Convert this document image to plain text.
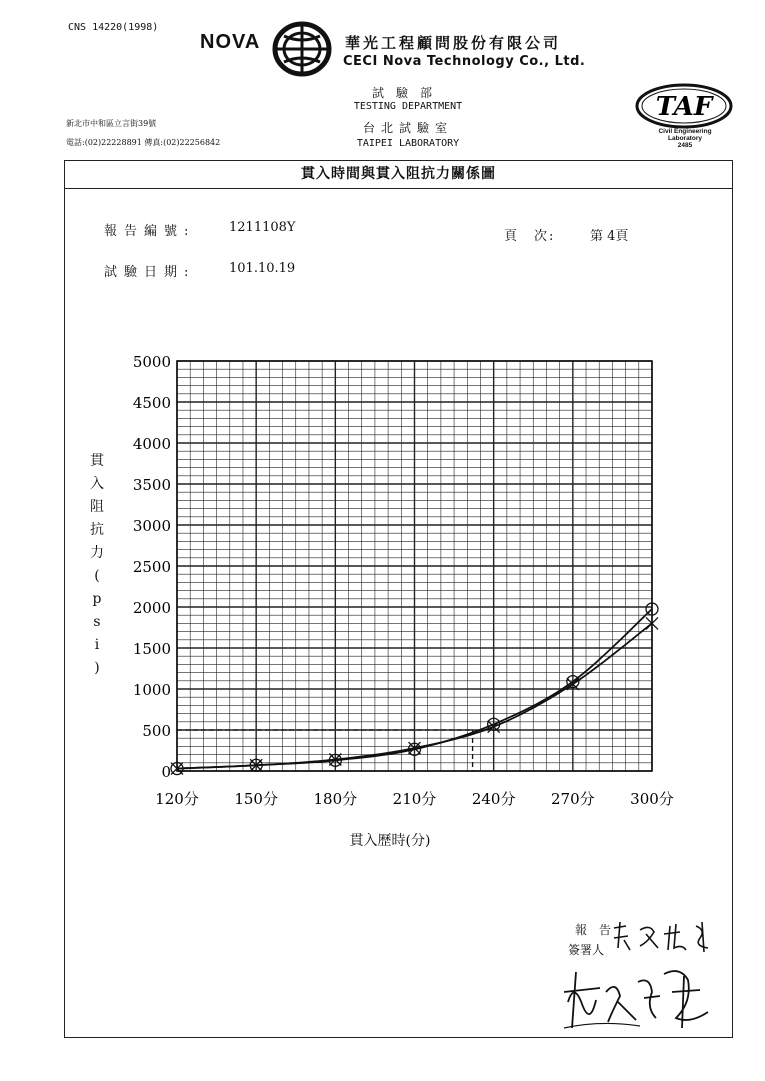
CNS 14220(1998)
NOVA	華光工程顧問股份有限公司
CECI Nova Technology Co., Ltd.
試驗部
TESTING DEPARTMENT
台北試驗室
TAIPEI LABORATORY
新北市中和區立言街39號
電話:(02)22228891 傳真:(02)22256842
TAF
Civil Engineering
Laboratory
2485
貫入時間與貫入阻抗力關係圖
報告編號:	1211108Y
試驗日期:	101.10.19
頁　次:	第 4頁
貫
入
阻
抗
力
(
p
s
i
)
0
500
1000
1500
2000
2500
3000
3500
4000
4500
5000
120分 150分 180分 210分 240分 270分 300分
貫入歷時(分)
報　告
簽署人
